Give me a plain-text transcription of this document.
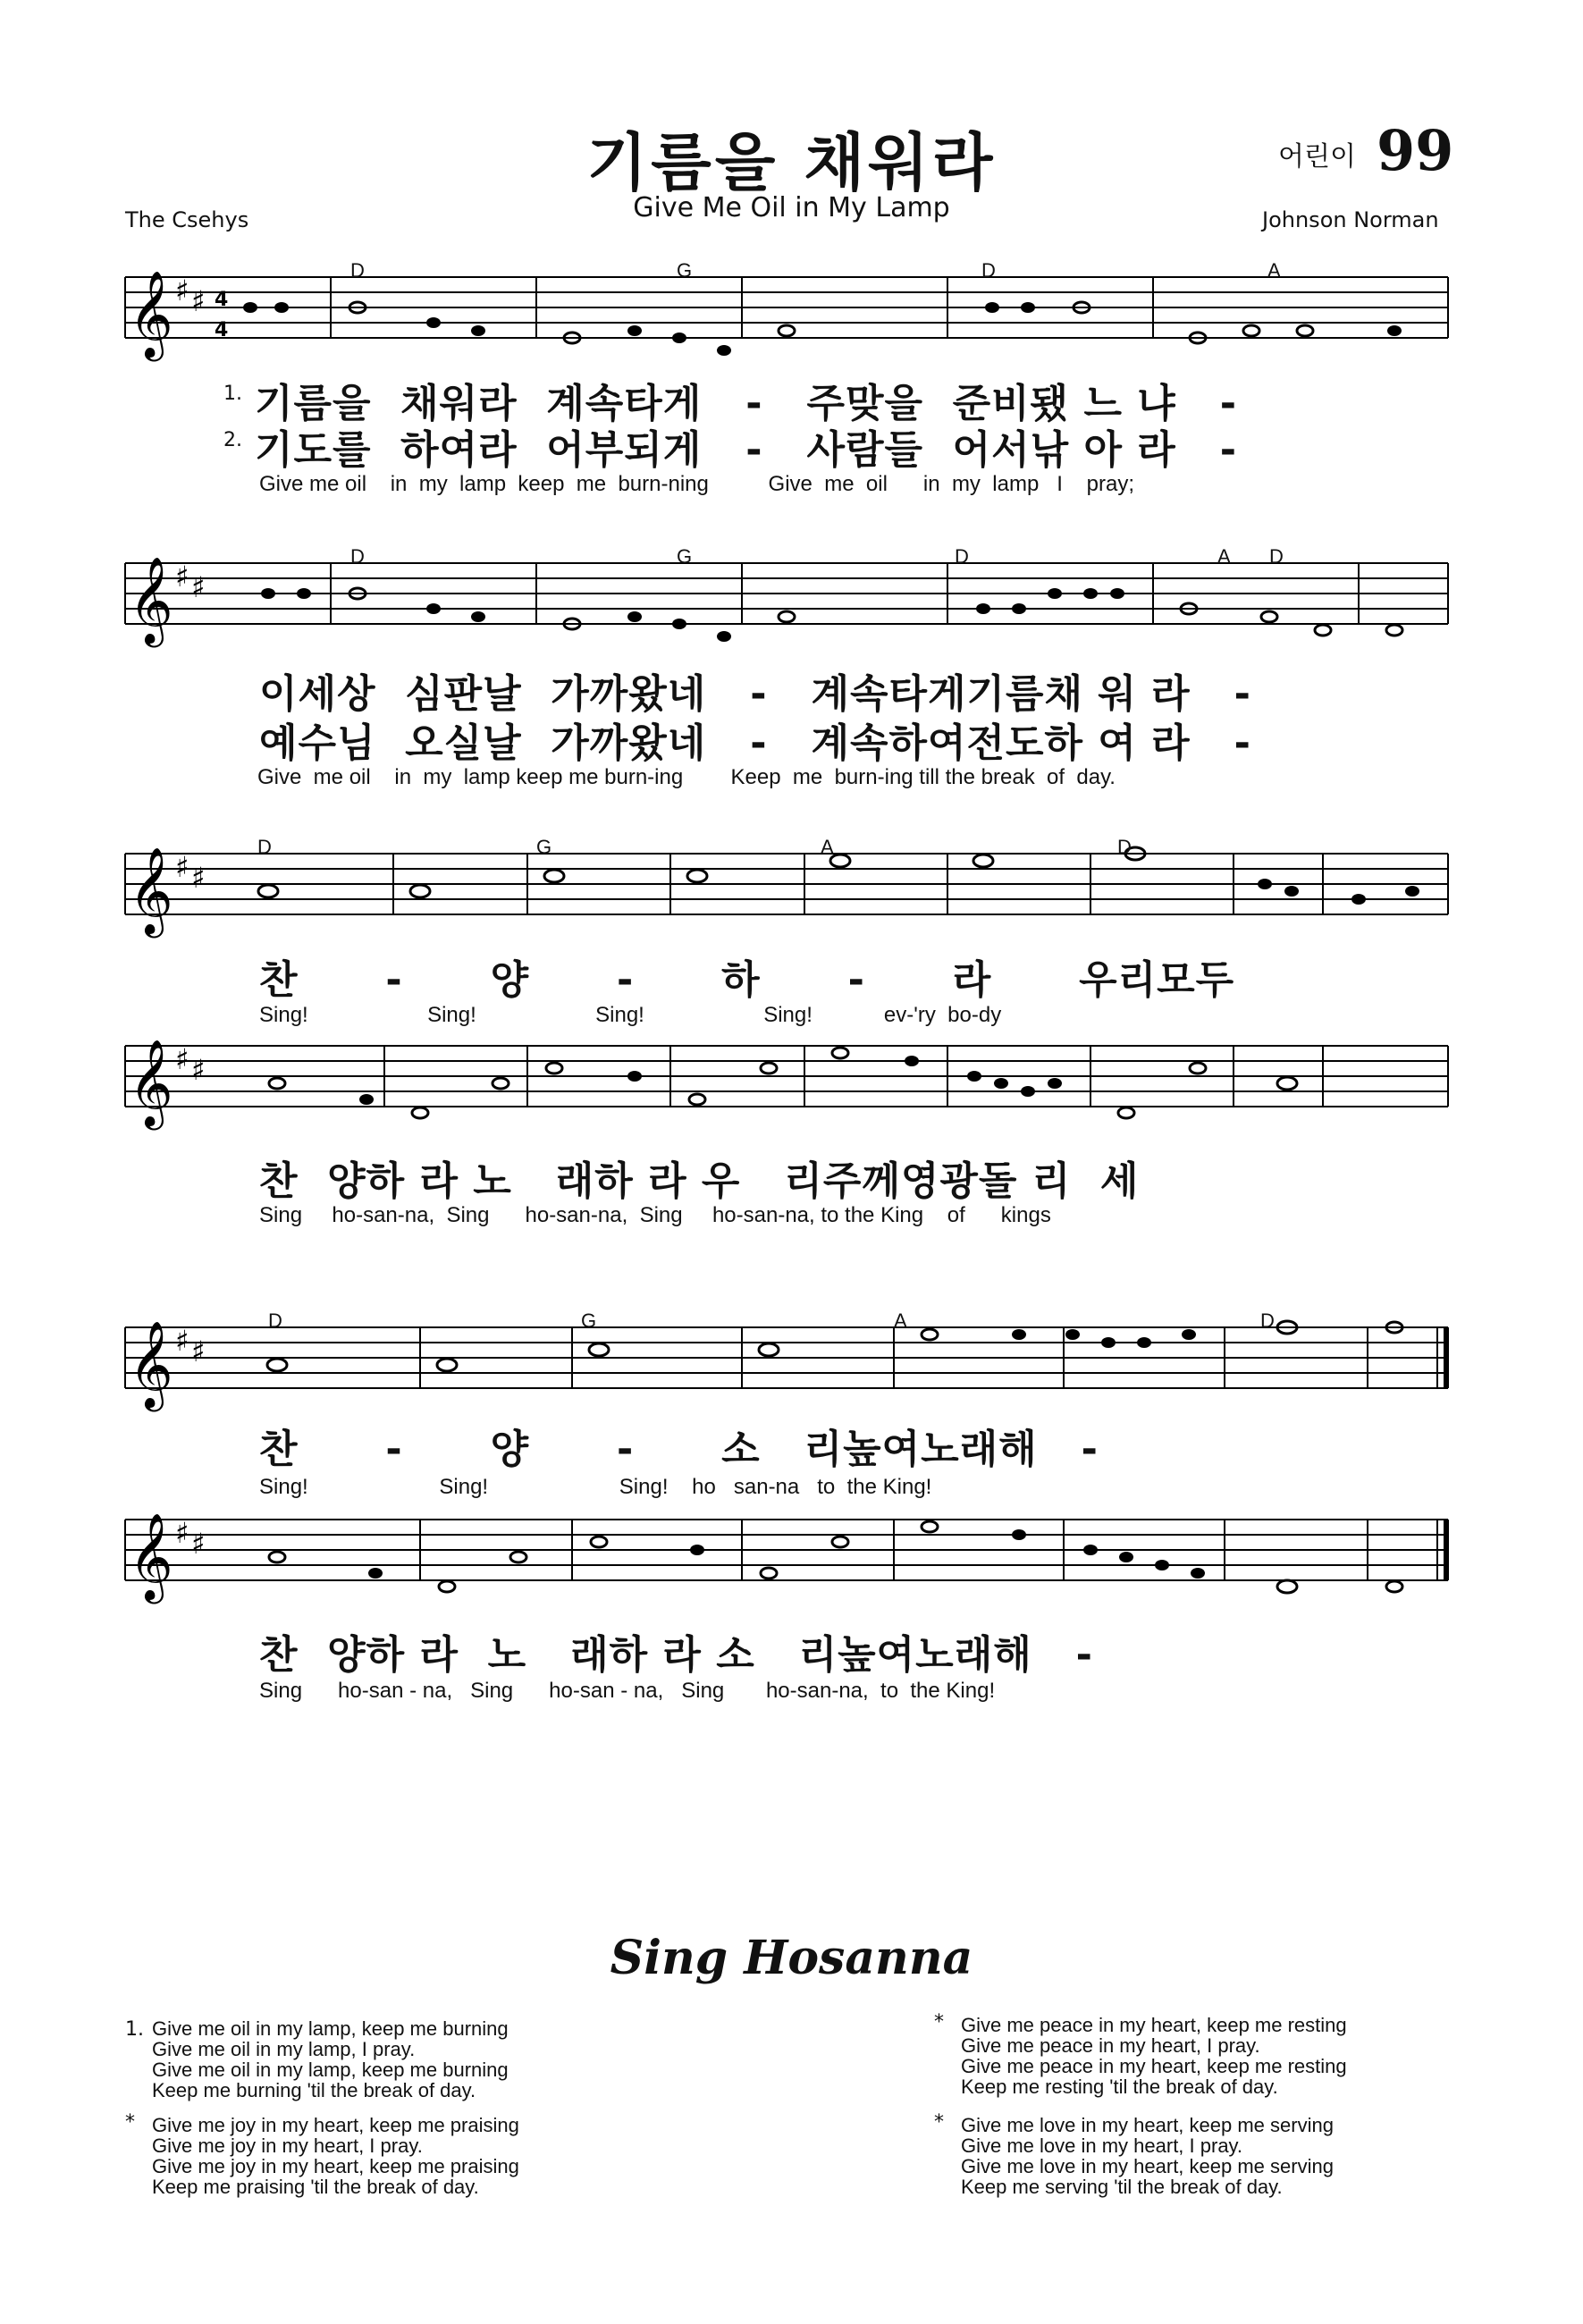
기름을 채워라
Give Me Oil in My Lamp
어린이 99
The Csehys	Johnson Norman
𝄞 ♯ ♯ 4
4
D	G	D	A
1.
2.
기름을  채워라  계속타게   -   주맞을  준비됐 느 냐   -
기도를  하여라  어부되게   -   사람들  어서낚 아 라   -
Give me oil    in  my  lamp  keep  me  burn-ning          Give  me  oil      in  my  lamp   I    pray;
𝄞 ♯ ♯
D	G	D	A D
이세상  심판날  가까왔네   -   계속타게기름채 워 라   -
예수님  오실날  가까왔네   -   계속하여전도하 여 라   -
Give  me oil    in  my  lamp keep me burn-ing        Keep  me  burn-ing till the break  of  day.
𝄞 ♯ ♯
D	G	A	D
찬      -      양      -      하      -      라      우리모두
Sing!                    Sing!                    Sing!                    Sing!            ev-'ry  bo-dy
𝄞 ♯ ♯
찬  양하 라 노   래하 라 우   리주께영광돌 리  세
Sing     ho-san-na,  Sing      ho-san-na,  Sing     ho-san-na, to the King    of      kings
𝄞 ♯ ♯
D	G	A	D
찬      -      양      -      소   리높여노래해   -
Sing!                      Sing!                      Sing!    ho   san-na   to  the King!
𝄞 ♯ ♯
찬  양하 라  노   래하 라 소   리높여노래해   -
Sing      ho-san - na,   Sing      ho-san - na,   Sing       ho-san-na,  to  the King!
Sing Hosanna
1. Give me oil in my lamp, keep me burning
Give me oil in my lamp, I pray.
Give me oil in my lamp, keep me burning
Keep me burning 'til the break of day.
* Give me joy in my heart, keep me praising
Give me joy in my heart, I pray.
Give me joy in my heart, keep me praising
Keep me praising 'til the break of day.
* Give me peace in my heart, keep me resting
Give me peace in my heart, I pray.
Give me peace in my heart, keep me resting
Keep me resting 'til the break of day.
* Give me love in my heart, keep me serving
Give me love in my heart, I pray.
Give me love in my heart, keep me serving
Keep me serving 'til the break of day.
